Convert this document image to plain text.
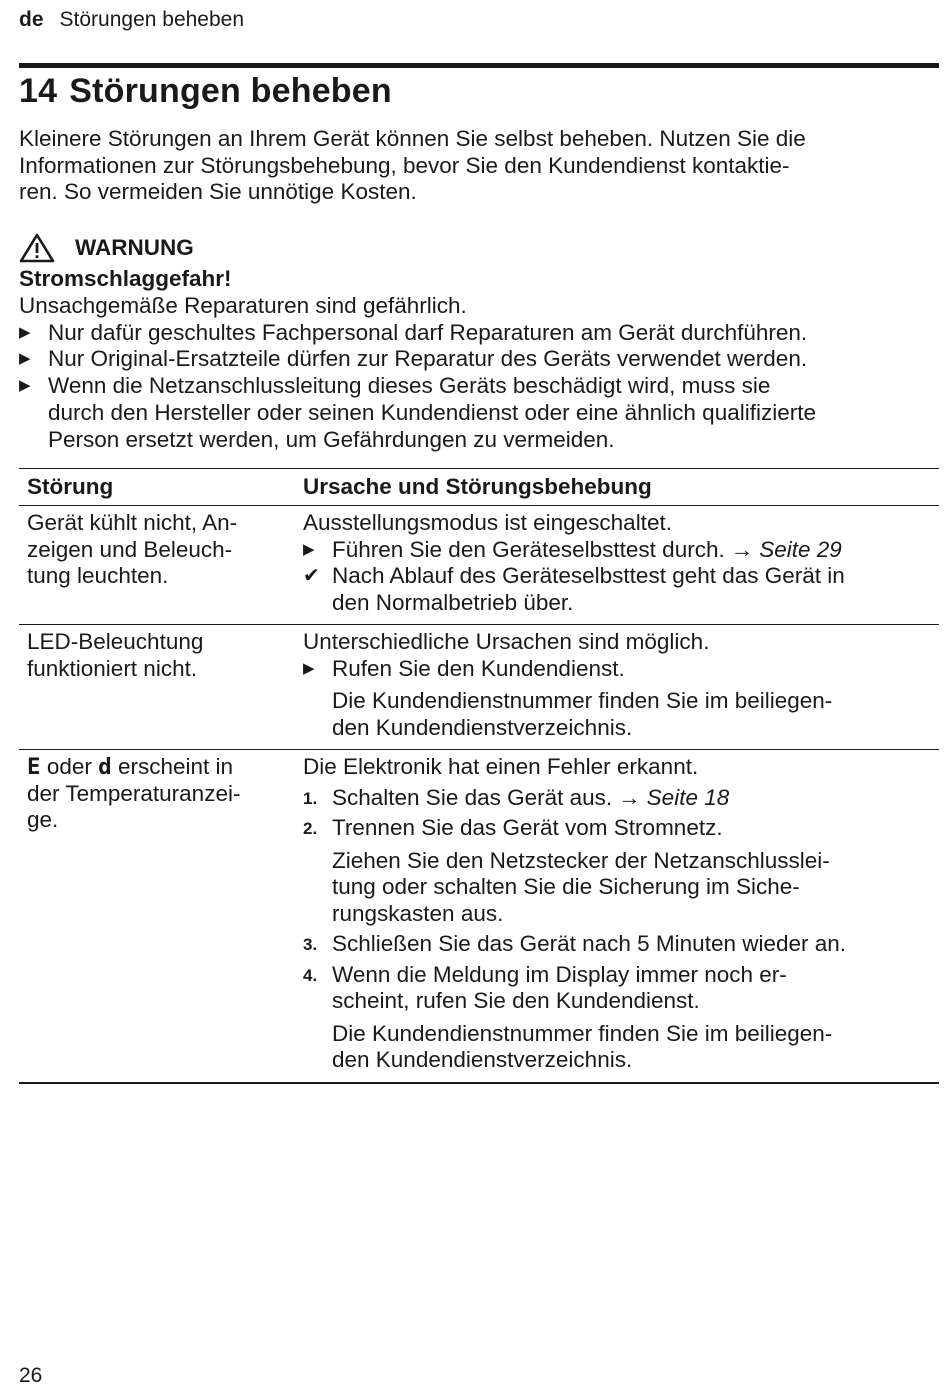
de Störungen beheben
14 Störungen beheben

Kleinere Störungen an Ihrem Gerät können Sie selbst beheben. Nutzen Sie die
Informationen zur Störungsbehebung, bevor Sie den Kundendienst kontaktie-
ren. So vermeiden Sie unnötige Kosten.

WARNUNG
Stromschlaggefahr!
Unsachgemäße Reparaturen sind gefährlich.
▶ Nur dafür geschultes Fachpersonal darf Reparaturen am Gerät durchführen.
▶ Nur Original-Ersatzteile dürfen zur Reparatur des Geräts verwendet werden.
▶ Wenn die Netzanschlussleitung dieses Geräts beschädigt wird, muss sie
durch den Hersteller oder seinen Kundendienst oder eine ähnlich qualifizierte
Person ersetzt werden, um Gefährdungen zu vermeiden.
Störung	Ursache und Störungsbehebung
Gerät kühlt nicht, An-
zeigen und Beleuch-
tung leuchten.
Ausstellungsmodus ist eingeschaltet.
▶ Führen Sie den Geräteselbsttest durch. → Seite 29
✔ Nach Ablauf des Geräteselbsttest geht das Gerät in
den Normalbetrieb über.
LED-Beleuchtung
funktioniert nicht.
Unterschiedliche Ursachen sind möglich.
▶ Rufen Sie den Kundendienst.
Die Kundendienstnummer finden Sie im beiliegen-
den Kundendienstverzeichnis.
E oder d erscheint in
der Temperaturanzei-
ge.
Die Elektronik hat einen Fehler erkannt.
1. Schalten Sie das Gerät aus. → Seite 18
2. Trennen Sie das Gerät vom Stromnetz.
Ziehen Sie den Netzstecker der Netzanschlusslei-
tung oder schalten Sie die Sicherung im Siche-
rungskasten aus.
3. Schließen Sie das Gerät nach 5 Minuten wieder an.
4. Wenn die Meldung im Display immer noch er-
scheint, rufen Sie den Kundendienst.
Die Kundendienstnummer finden Sie im beiliegen-
den Kundendienstverzeichnis.
26
